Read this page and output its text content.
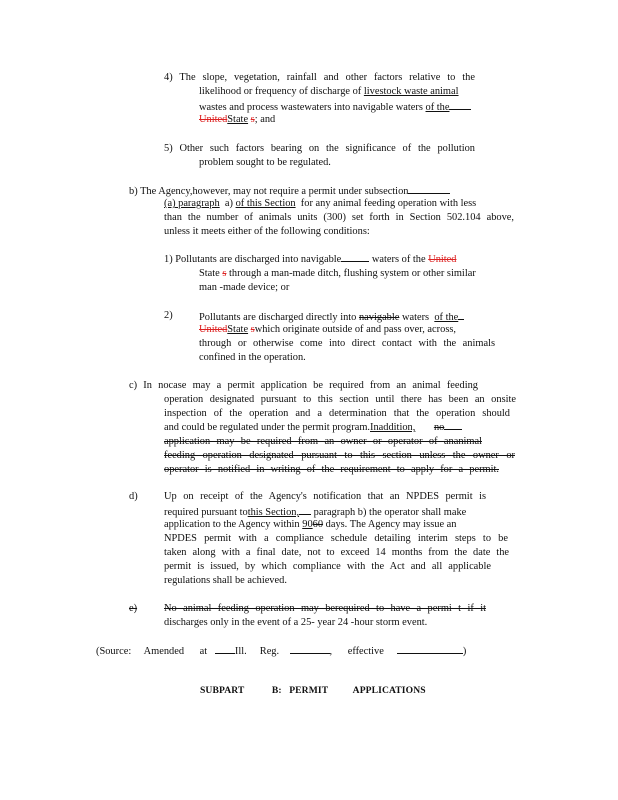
4) The slope, vegetation, rainfall and other factors relative to the
likelihood or frequency of discharge of livestock waste animal
wastes and process wastewaters into navigable waters of the
UnitedState s; and
5) Other such factors bearing on the significance of the pollution
problem sought to be regulated.
b) The Agency,however, may not require a permit under subsection
(a) paragraph a) of this Section for any animal feeding operation with less
than the number of animals units (300) set forth in Section 502.104 above,
unless it meets either of the following conditions:
1) Pollutants are discharged into navigable	waters of the United
State s through a man-made ditch, flushing system or other similar
man -made device; or
2)	Pollutants are discharged directly into navigable waters of the
UnitedState swhich originate outside of and pass over, across,
through or otherwise come into direct contact with the animals
confined in the operation.
c) In nocase may a permit application be required from an animal feeding
operation designated pursuant to this section until there has been an onsite
inspection of the operation and a determination that the operation should
and could be regulated under the permit program.Inaddition, no
application may be required from an owner or operator of ananimal
feeding operation designated pursuant to this section unless the owner or
operator is notified in writing of the requirement to apply for a permit.
d)	Up on receipt of the Agency's notification that an NPDES permit is
required pursuant tothis Section, paragraph b) the operator shall make
application to the Agency within 9060 days. The Agency may issue an
NPDES permit with a compliance schedule detailing interim steps to be
taken along with a final date, not to exceed 14 months from the date the
permit is issued, by which compliance with the Act and all applicable
regulations shall be achieved.
e)	No animal feeding operation may berequired to have a permi t if it
discharges only in the event of a 25- year 24 -hour storm event.
(Source: Amended at	Ill. Reg.	, effective	)
SUBPART	B: PERMIT	APPLICATIONS
